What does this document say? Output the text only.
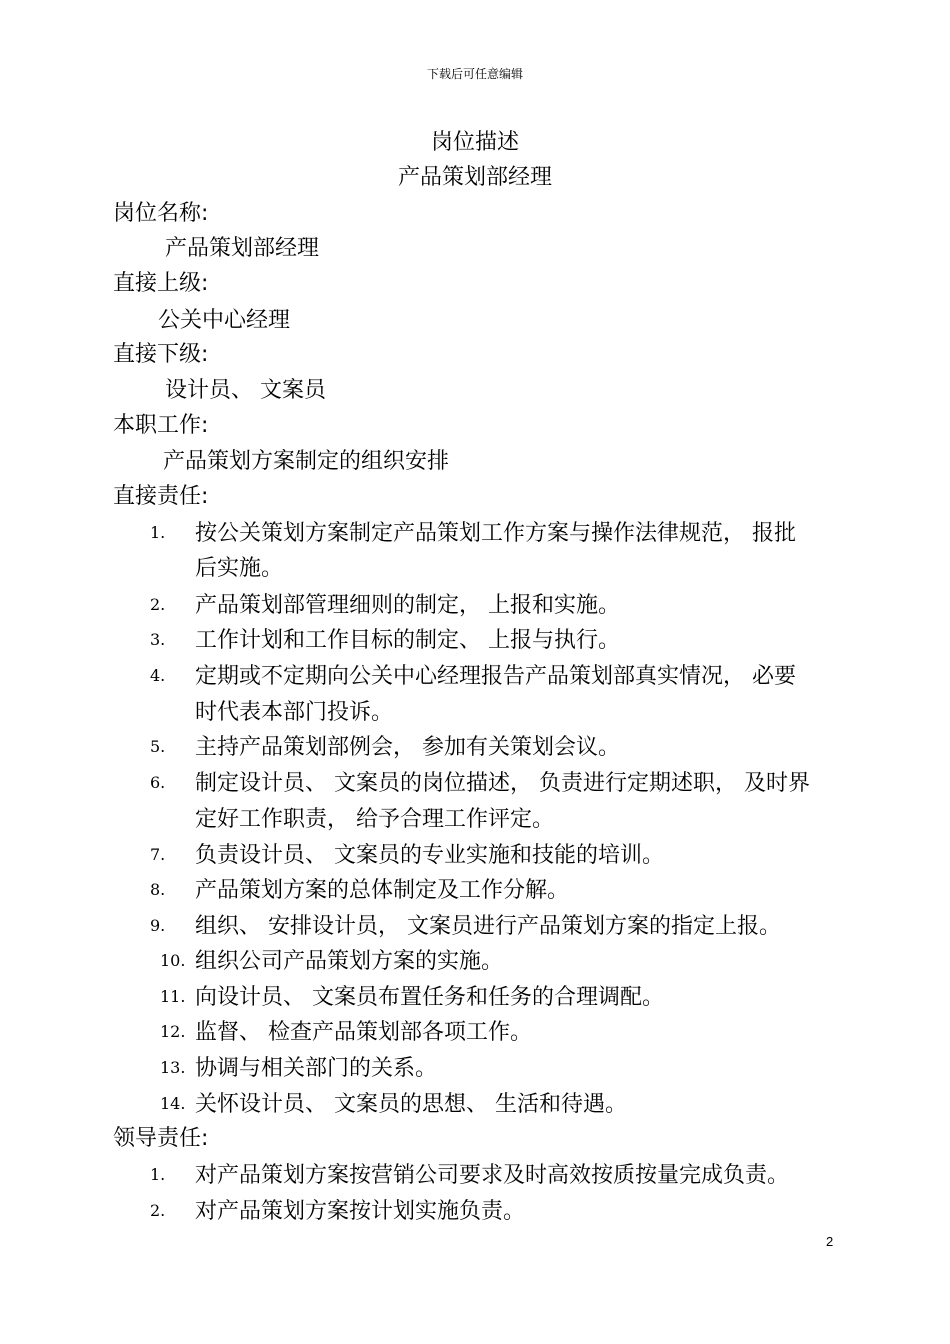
下载后可任意编辑
岗位描述
产品策划部经理
岗位名称:
产品策划部经理
直接上级:
公关中心经理
直接下级:
设计员、 文案员
本职工作:
产品策划方案制定的组织安排
直接责任:
1.	按公关策划方案制定产品策划工作方案与操作法律规范， 报批
后实施。
2.	产品策划部管理细则的制定， 上报和实施。
3.	工作计划和工作目标的制定、 上报与执行。
4.	定期或不定期向公关中心经理报告产品策划部真实情况， 必要
时代表本部门投诉。
5.	主持产品策划部例会， 参加有关策划会议。
6.	制定设计员、 文案员的岗位描述， 负责进行定期述职， 及时界
定好工作职责， 给予合理工作评定。
7.	负责设计员、 文案员的专业实施和技能的培训。
8.	产品策划方案的总体制定及工作分解。
9.	组织、 安排设计员， 文案员进行产品策划方案的指定上报。
10. 组织公司产品策划方案的实施。
11. 向设计员、 文案员布置任务和任务的合理调配。
12. 监督、 检查产品策划部各项工作。
13. 协调与相关部门的关系。
14. 关怀设计员、 文案员的思想、 生活和待遇。
领导责任:
1.	对产品策划方案按营销公司要求及时高效按质按量完成负责。
2.	对产品策划方案按计划实施负责。
2
